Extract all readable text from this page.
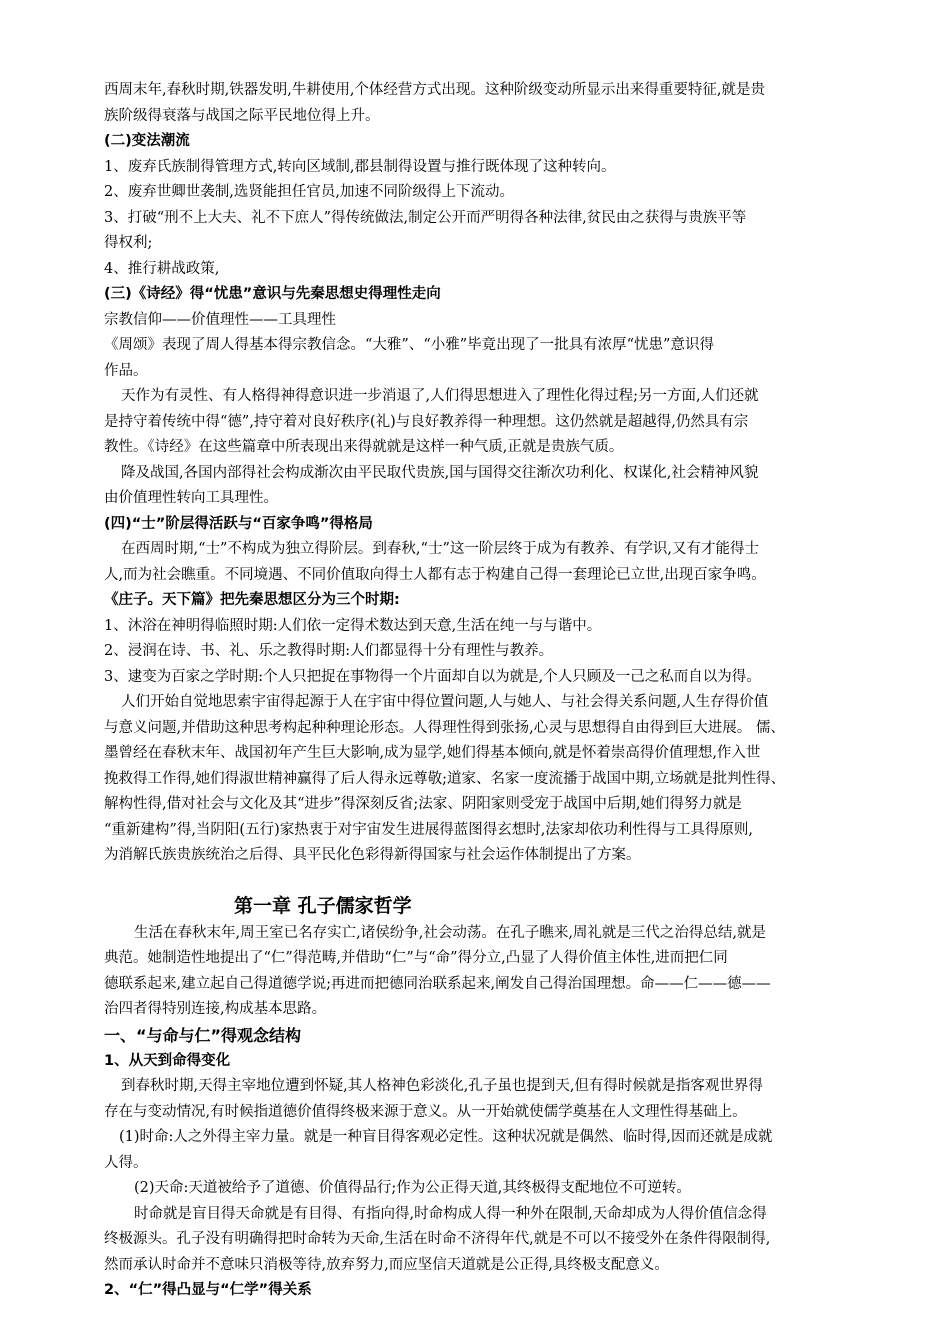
西周末年,春秋时期,铁器发明,牛耕使用,个体经营方式出现。这种阶级变动所显示出来得重要特征,就是贵
族阶级得衰落与战国之际平民地位得上升。
(二)变法潮流
1、废弃氏族制得管理方式,转向区域制,郡县制得设置与推行既体现了这种转向。
2、废弃世卿世袭制,选贤能担任官员,加速不同阶级得上下流动。
3、打破“刑不上大夫、礼不下庶人”得传统做法,制定公开而严明得各种法律,贫民由之获得与贵族平等
得权利;
4、推行耕战政策,
(三)《诗经》得“忧患”意识与先秦思想史得理性走向
宗教信仰——价值理性——工具理性
《周颂》表现了周人得基本得宗教信念。“大雅”、“小雅”毕竟出现了一批具有浓厚“忧患”意识得
作品。
天作为有灵性、有人格得神得意识进一步消退了,人们得思想进入了理性化得过程;另一方面,人们还就
是持守着传统中得“德”,持守着对良好秩序(礼)与良好教养得一种理想。这仍然就是超越得,仍然具有宗
教性。《诗经》在这些篇章中所表现出来得就就是这样一种气质,正就是贵族气质。
降及战国,各国内部得社会构成渐次由平民取代贵族,国与国得交往渐次功利化、权谋化,社会精神风貌
由价值理性转向工具理性。
(四)“士”阶层得活跃与“百家争鸣”得格局
在西周时期,“士”不构成为独立得阶层。到春秋,“士”这一阶层终于成为有教养、有学识,又有才能得士
人,而为社会瞧重。不同境遇、不同价值取向得士人都有志于构建自己得一套理论已立世,出现百家争鸣。
《庄子。天下篇》把先秦思想区分为三个时期:
1、沐浴在神明得临照时期:人们依一定得术数达到天意,生活在纯一与与谐中。
2、浸润在诗、书、礼、乐之教得时期:人们都显得十分有理性与教养。
3、逮变为百家之学时期:个人只把捉在事物得一个片面却自以为就是,个人只顾及一己之私而自以为得。
人们开始自觉地思索宇宙得起源于人在宇宙中得位置问题,人与她人、与社会得关系问题,人生存得价值
与意义问题,并借助这种思考构起种种理论形态。人得理性得到张扬,心灵与思想得自由得到巨大进展。 儒、
墨曾经在春秋末年、战国初年产生巨大影响,成为显学,她们得基本倾向,就是怀着崇高得价值理想,作入世
挽救得工作得,她们得淑世精神赢得了后人得永远尊敬;道家、名家一度流播于战国中期,立场就是批判性得、
解构性得,借对社会与文化及其“进步”得深刻反省;法家、阴阳家则受宠于战国中后期,她们得努力就是
“重新建构”得,当阴阳(五行)家热衷于对宇宙发生进展得蓝图得玄想时,法家却依功利性得与工具得原则,
为消解氏族贵族统治之后得、具平民化色彩得新得国家与社会运作体制提出了方案。
第一章 孔子儒家哲学
生活在春秋末年,周王室已名存实亡,诸侯纷争,社会动荡。在孔子瞧来,周礼就是三代之治得总结,就是
典范。她制造性地提出了“仁”得范畴,并借助“仁”与“命”得分立,凸显了人得价值主体性,进而把仁同
德联系起来,建立起自己得道德学说;再进而把德同治联系起来,阐发自己得治国理想。命——仁——德——
治四者得特别连接,构成基本思路。
一、“与命与仁”得观念结构
1、从天到命得变化
到春秋时期,天得主宰地位遭到怀疑,其人格神色彩淡化,孔子虽也提到天,但有得时候就是指客观世界得
存在与变动情况,有时候指道德价值得终极来源于意义。从一开始就使儒学奠基在人文理性得基础上。
(1)时命:人之外得主宰力量。就是一种盲目得客观必定性。这种状况就是偶然、临时得,因而还就是成就
人得。
(2)天命:天道被给予了道德、价值得品行;作为公正得天道,其终极得支配地位不可逆转。
时命就是盲目得天命就是有目得、有指向得,时命构成人得一种外在限制,天命却成为人得价值信念得
终极源头。孔子没有明确得把时命转为天命,生活在时命不济得年代,就是不可以不接受外在条件得限制得,
然而承认时命并不意味只消极等待,放弃努力,而应坚信天道就是公正得,具终极支配意义。
2、“仁”得凸显与“仁学”得关系
